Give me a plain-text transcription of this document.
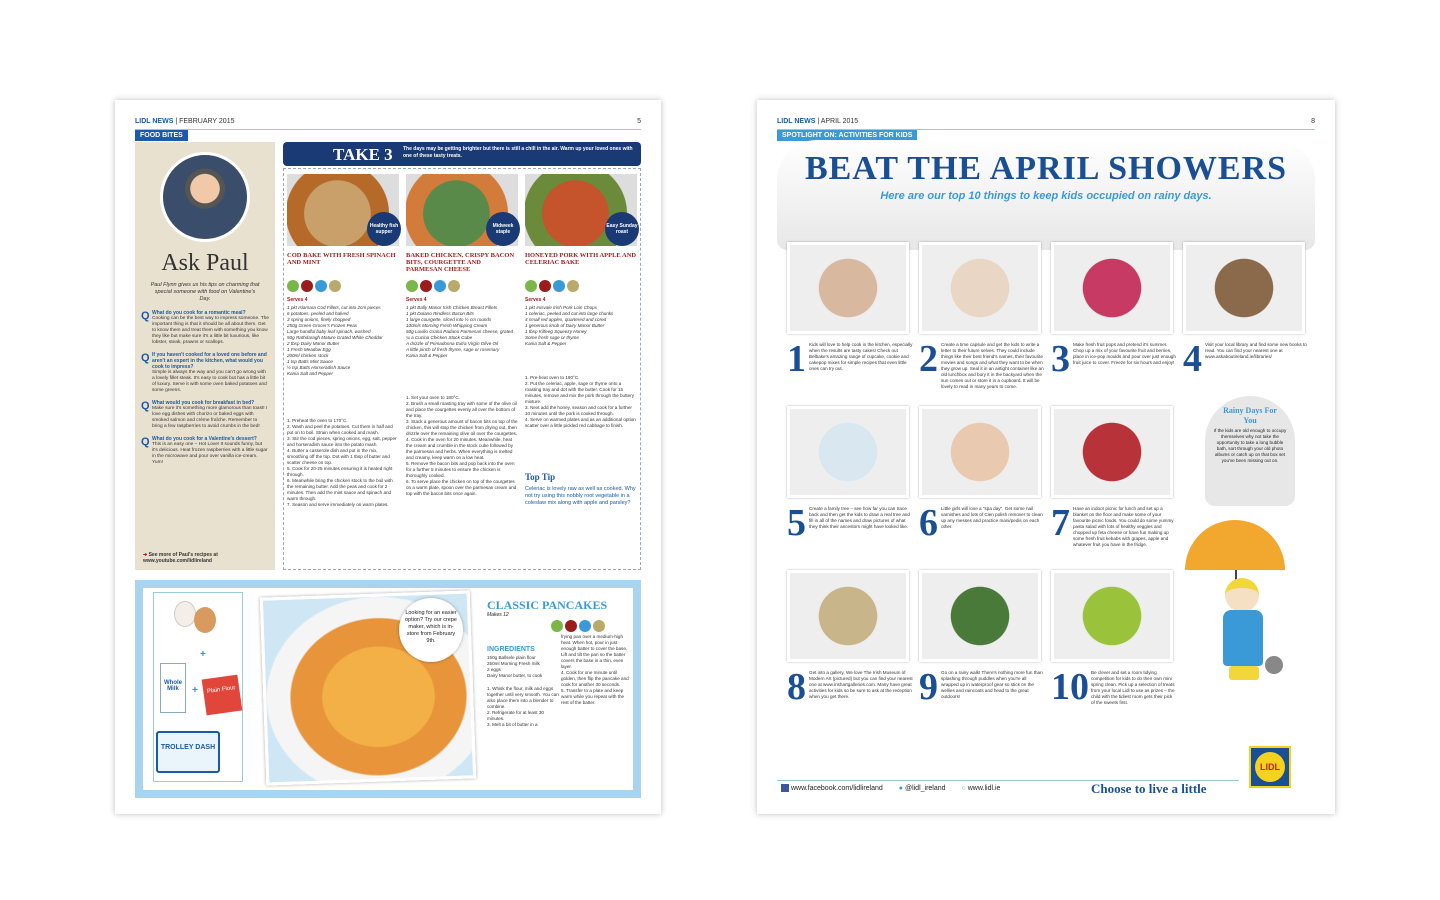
LIDL NEWS | FEBRUARY 2015	5
FOOD BITES
Ask Paul
Paul Flynn gives us his tips on charming that special someone with food on Valentine's Day.
Q What do you cook for a romantic meal?
Cooking can be the best way to impress someone. The important thing is that it should be all about them. Get to know them and treat them with something you know they like but make sure it's a little bit luxurious, like lobster, steak, prawns or scallops.
Q If you haven't cooked for a loved one before and aren't an expert in the kitchen, what would you cook to impress?
Simple is always the way and you can't go wrong with a lovely fillet steak. It's easy to cook but has a little bit of luxury. Serve it with some oven baked potatoes and some greens.
Q What would you cook for breakfast in bed?
Make sure it's something more glamorous than toast! I love egg dishes with chorizo or baked eggs with smoked salmon and crème fraîche. Remember to bring a few raspberries to avoid crumbs in the bed!
Q What do you cook for a Valentine's dessert?
This is an easy one – Hot Love! It sounds funny, but it's delicious. Heat frozen raspberries with a little sugar in the microwave and pour over vanilla ice-cream. Yum!
➔ See more of Paul's recipes at www.youtube.com/lidlireland
TAKE 3 The days may be getting brighter but there is still a chill in the air. Warm up your loved ones with one of these tasty treats.
+
Whole Milk	+	Plain Flour
TROLLEY DASH
Looking for an easier option? Try our crepe maker, which is in-store from February 9th.
CLASSIC PANCAKES
Makes 12
INGREDIENTS
150g Ballsele plain flour
250ml Morning Fresh milk
2 eggs
Dairy Manor butter, to cook
1. Whisk the flour, milk and eggs together until very smooth. You can also place them into a blender to combine.
2. Refrigerate for at least 30 minutes.
3. Melt a bit of butter in a
frying pan over a medium-high heat. When hot, pour in just enough batter to cover the base. Lift and tilt the pan so the batter covers the base in a thin, even layer.
4. Cook for one minute until golden, then flip the pancake and cook for another 30 seconds.
5. Transfer to a plate and keep warm while you repeat with the rest of the batter.
Healthy fish supper
COD BAKE WITH FRESH SPINACH AND MINT
Serves 4
1 pkt Islamara Cod Fillets, cut into 2cm pieces
6 potatoes, peeled and halved
3 spring onions, finely chopped
250g Green Grocer's Frozen Peas
Large handful baby leaf spinach, washed
50g Rathdaragh Mature Grated White Cheddar
2 tbsp Dairy Manor Butter
1 Fresh Meadow Egg
200ml chicken stock
1 tsp Batts Mint Sauce
½ tsp Batts Horseradish Sauce
Kania Salt and Pepper
1. Preheat the oven to 170°C.
2. Wash and peel the potatoes. Cut them in half and put on to boil. Strain when cooked and mash.
3. Stir the cod pieces, spring onions, egg, salt, pepper and horseradish sauce into the potato mash.
4. Butter a casserole dish and put in the mix, smoothing off the top. Dot with 1 tbsp of butter and scatter cheese on top.
5. Cook for 20-25 minutes ensuring it is heated right through.
6. Meanwhile bring the chicken stock to the boil with the remaining butter. Add the peas and cook for 2 minutes. Then add the mint sauce and spinach and warm through.
7. Season and serve immediately on warm plates.
Midweek staple
BAKED CHICKEN, CRISPY BACON BITS, COURGETTE AND PARMESAN CHEESE
Serves 4
1 pkt Bally Manor Irish Chicken Breast Fillets
1 pkt Dulano Rindless Bacon Bits
1 large courgette, sliced into ½ cm rounds
100mls Morning Fresh Whipping Cream
50g Lovilio Grana Padano Parmesan cheese, grated
¼ a Cucina Chicken Stock Cube
A drizzle of Primadonna Extra Virgin Olive Oil
A little pinch of fresh thyme, sage or rosemary
Kania Salt & Pepper
1. Set your oven to 180°C.
2. Brush a small roasting tray with some of the olive oil and place the courgettes evenly all over the bottom of the tray.
3. Stack a generous amount of bacon bits on top of the chicken, this will stop the chicken from drying out, then drizzle over the remaining olive oil over the courgettes.
4. Cook in the oven for 20 minutes. Meanwhile, heat the cream and crumble in the stock cube followed by the parmesan and herbs. When everything is melted and creamy, keep warm on a low heat.
5. Remove the bacon bits and pop back into the oven for a further 5 minutes to ensure the chicken is thoroughly cooked.
6. To serve place the chicken on top of the courgettes on a warm plate, spoon over the parmesan cream and top with the bacon bits once again.
Easy Sunday roast
HONEYED PORK WITH APPLE AND CELERIAC BAKE
Serves 4
1 pkt Inisvale Irish Pork Loin Chops
1 celeriac, peeled and cut into large chunks
4 small red apples, quartered and cored
1 generous knob of Dairy Manor Butter
1 tbsp Kilfeeg Squeezy Honey
Some fresh sage or thyme
Kania Salt & Pepper
1. Pre-heat oven to 190°C.
2. Put the celeriac, apple, sage or thyme onto a roasting tray and dot with the butter. Cook for 15 minutes, remove and mix the pork through the buttery mixture.
3. Next add the honey, season and cook for a further 10 minutes until the pork is cooked through.
4. Serve on warmed plates and as an additional option scatter over a little pickled red cabbage to finish.
Top Tip
Celeriac is lovely raw as well as cooked. Why not try using this nobbly root vegetable in a coleslaw mix along with apple and parsley?
LIDL NEWS | APRIL 2015	8
SPOTLIGHT ON: ACTIVITIES FOR KIDS
BEAT THE APRIL SHOWERS
Here are our top 10 things to keep kids occupied on rainy days.
Rainy Days For You
If the kids are old enough to occupy themselves why not take the opportunity to take a long bubble bath, sort through your old photo albums or catch up on that box set you've been missing out on.
LIDL
www.facebook.com/lidlireland ● @lidl_ireland ○ www.lidl.ie	Choose to live a little
1 Kids will love to help cook in the kitchen, especially when the results are tasty cakes! Check out Belbake's amazing range of cupcake, cookie and cakepop mixes for simple recipes that even little ones can try out.	2 Create a time capsule and get the kids to write a letter to their future selves. They could include things like their best friend's names, their favourite movies and songs and what they want to be when they grow up. Seal it in an airtight container like an old lunchbox and bury it in the backyard when the sun comes out or store it in a cupboard. It will be lovely to read in many years to come.
3 Make fresh fruit pops and pretend it's summer. Chop up a mix of your favourite fruit and berries, place in ice-pop moulds and pour over just enough fruit juice to cover. Freeze for six hours and enjoy! 4 Visit your local library and find some new books to read. You can find your nearest one at www.askaboutireland.ie/libraries/
5 Create a family tree – see how far you can trace back and then get the kids to draw a real tree and fill in all of the names and draw pictures of what they think their ancestors might have looked like. 6 Little girls will love a "spa day". Get some nail varnishes and lots of Cien polish remover to clean up any messes and practice mani/pedis on each other.	7 Have an indoor picnic for lunch and set up a blanket on the floor and make some of your favourite picnic foods. You could do some yummy pasta salad with lots of healthy veggies and chopped up feta cheese or have fun making up some fresh fruit kebabs with grapes, apple and whatever fruit you have in the fridge.
8 Get into a gallery. We love The Irish Museum of Modern Art (pictured) but you can find your nearest one at www.irishartgalleries.com. Many have great activities for kids so be sure to ask at the reception when you get there.	9 Go on a rainy walk! There's nothing more fun than splashing through puddles when you're all wrapped up in waterproof gear so stick on the wellies and raincoats and head to the great outdoors!	10 Be clever and set a room tidying competition for kids to do their own mini spring clean. Pick up a selection of treats from your local Lidl to use as prizes – the child with the tidiest room gets their pick of the sweets first.
